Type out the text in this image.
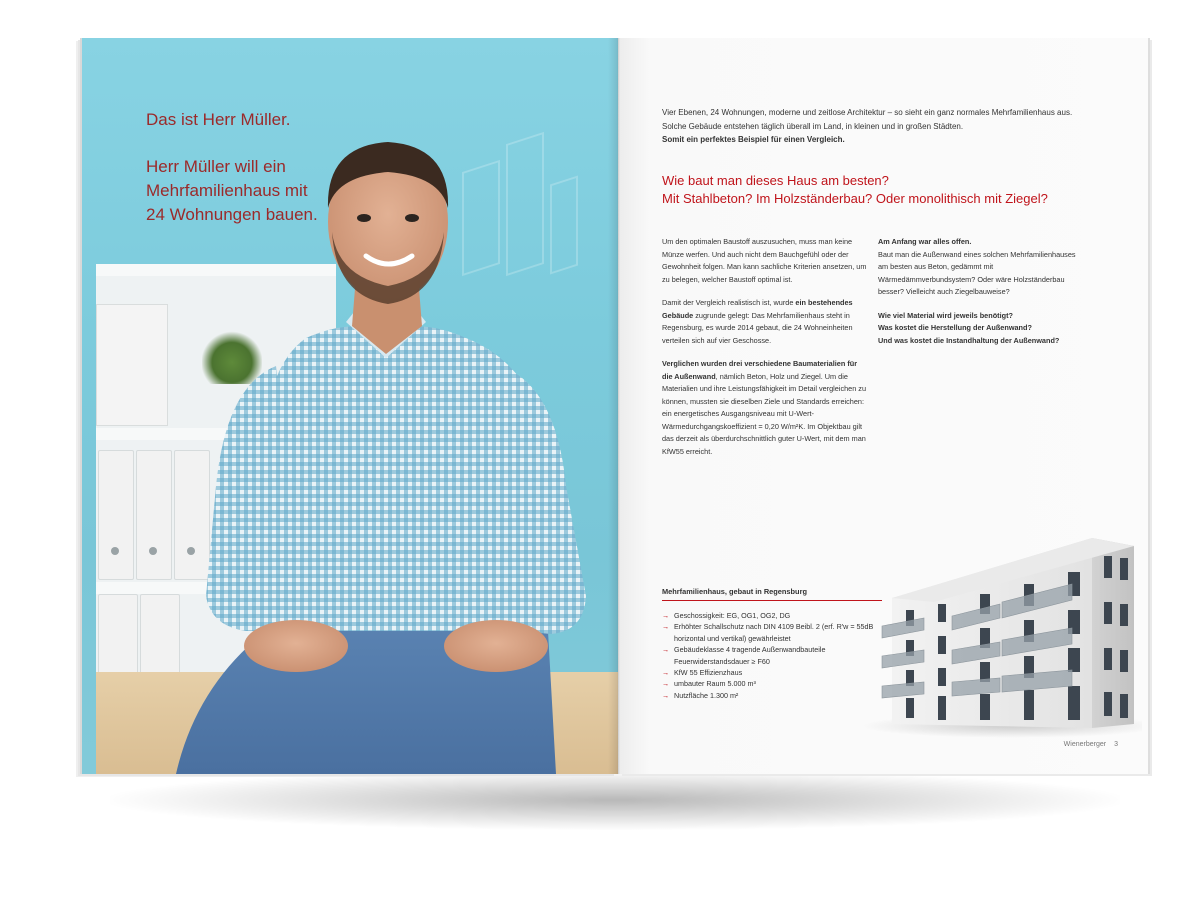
Das ist Herr Müller.

Herr Müller will ein

Mehrfamilienhaus mit

24 Wohnungen bauen.

Vier Ebenen, 24 Wohnungen, moderne und zeitlose Architektur – so sieht ein ganz normales Mehrfamilienhaus aus.
Solche Gebäude entstehen täglich überall im Land, in kleinen und in großen Städten.
Somit ein perfektes Beispiel für einen Vergleich.

Wie baut man dieses Haus am besten?

Mit Stahlbeton? Im Holzständerbau? Oder monolithisch mit Ziegel?

Um den optimalen Baustoff auszusuchen, muss man keine Münze werfen. Und auch nicht dem Bauchgefühl oder der Gewohnheit folgen. Man kann sachliche Kriterien ansetzen, um zu belegen, welcher Baustoff optimal ist.

Damit der Vergleich realistisch ist, wurde ein bestehendes Gebäude zugrunde gelegt: Das Mehrfamilienhaus steht in Regensburg, es wurde 2014 gebaut, die 24 Wohneinheiten verteilen sich auf vier Geschosse.

Verglichen wurden drei verschiedene Baumaterialien für die Außenwand, nämlich Beton, Holz und Ziegel. Um die Materialien und ihre Leistungsfähigkeit im Detail vergleichen zu können, mussten sie dieselben Ziele und Standards erreichen: ein energetisches Ausgangsniveau mit U-Wert-Wärmedurchgangskoeffizient = 0,20 W/m²K. Im Objektbau gilt das derzeit als überdurchschnittlich guter U-Wert, mit dem man KfW55 erreicht.

Am Anfang war alles offen.

Baut man die Außenwand eines solchen Mehrfamilienhauses am besten aus Beton, gedämmt mit Wärmedämmverbundsystem? Oder wäre Holzständerbau besser? Vielleicht auch Ziegelbauweise?

Wie viel Material wird jeweils benötigt?
Was kostet die Herstellung der Außenwand?
Und was kostet die Instandhaltung der Außenwand?
Mehrfamilienhaus, gebaut in Regensburg
→ Geschossigkeit: EG, OG1, OG2, DG
→ Erhöhter Schallschutz nach DIN 4109 Beibl. 2 (erf. R'w = 55dB horizontal und vertikal) gewährleistet
→ Gebäudeklasse 4 tragende Außenwandbauteile Feuerwiderstandsdauer ≥ F60
→ KfW 55 Effizienzhaus
→ umbauter Raum 5.000 m³
→ Nutzfläche 1.300 m²
Wienerberger 3
